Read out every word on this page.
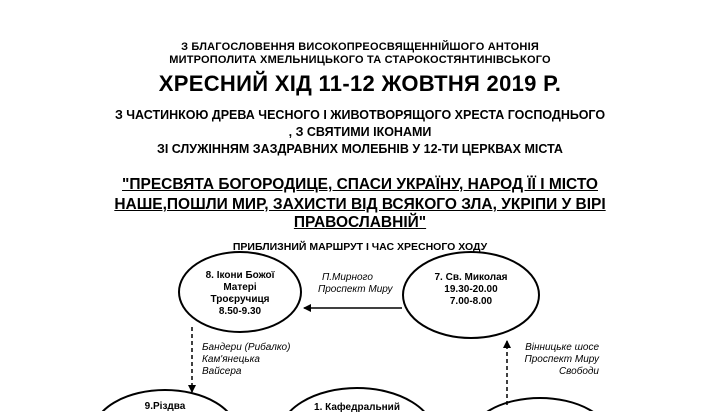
З БЛАГОСЛОВЕННЯ ВИСОКОПРЕОСВЯЩЕННІЙШОГО АНТОНІЯ
МИТРОПОЛИТА ХМЕЛЬНИЦЬКОГО ТА СТАРОКОСТЯНТИНІВСЬКОГО
ХРЕСНИЙ ХІД 11-12 ЖОВТНЯ 2019 Р.
З ЧАСТИНКОЮ ДРЕВА ЧЕСНОГО І ЖИВОТВОРЯЩОГО ХРЕСТА ГОСПОДНЬОГО
, З СВЯТИМИ ІКОНАМИ
ЗІ СЛУЖІННЯМ ЗАЗДРАВНИХ МОЛЕБНІВ У 12-ТИ ЦЕРКВАХ МІСТА
"ПРЕСВЯТА БОГОРОДИЦЕ, СПАСИ УКРАЇНУ, НАРОД ЇЇ І МІСТО
НАШЕ,ПОШЛИ МИР, ЗАХИСТИ ВІД ВСЯКОГО ЗЛА, УКРІПИ У ВІРІ
ПРАВОСЛАВНІЙ"
ПРИБЛИЗНИЙ МАРШРУТ І ЧАС ХРЕСНОГО ХОДУ
8. Ікони Божої
Матері
Троєручиця
8.50-9.30
7. Св. Миколая
19.30-20.00
7.00-8.00
9.Різдва	1. Кафедральний
П.Мирного
Проспект Миру
Бандери (Рибалко)
Кам'янецька
Вайсера
Вінницьке шосе
Проспект Миру
Свободи
